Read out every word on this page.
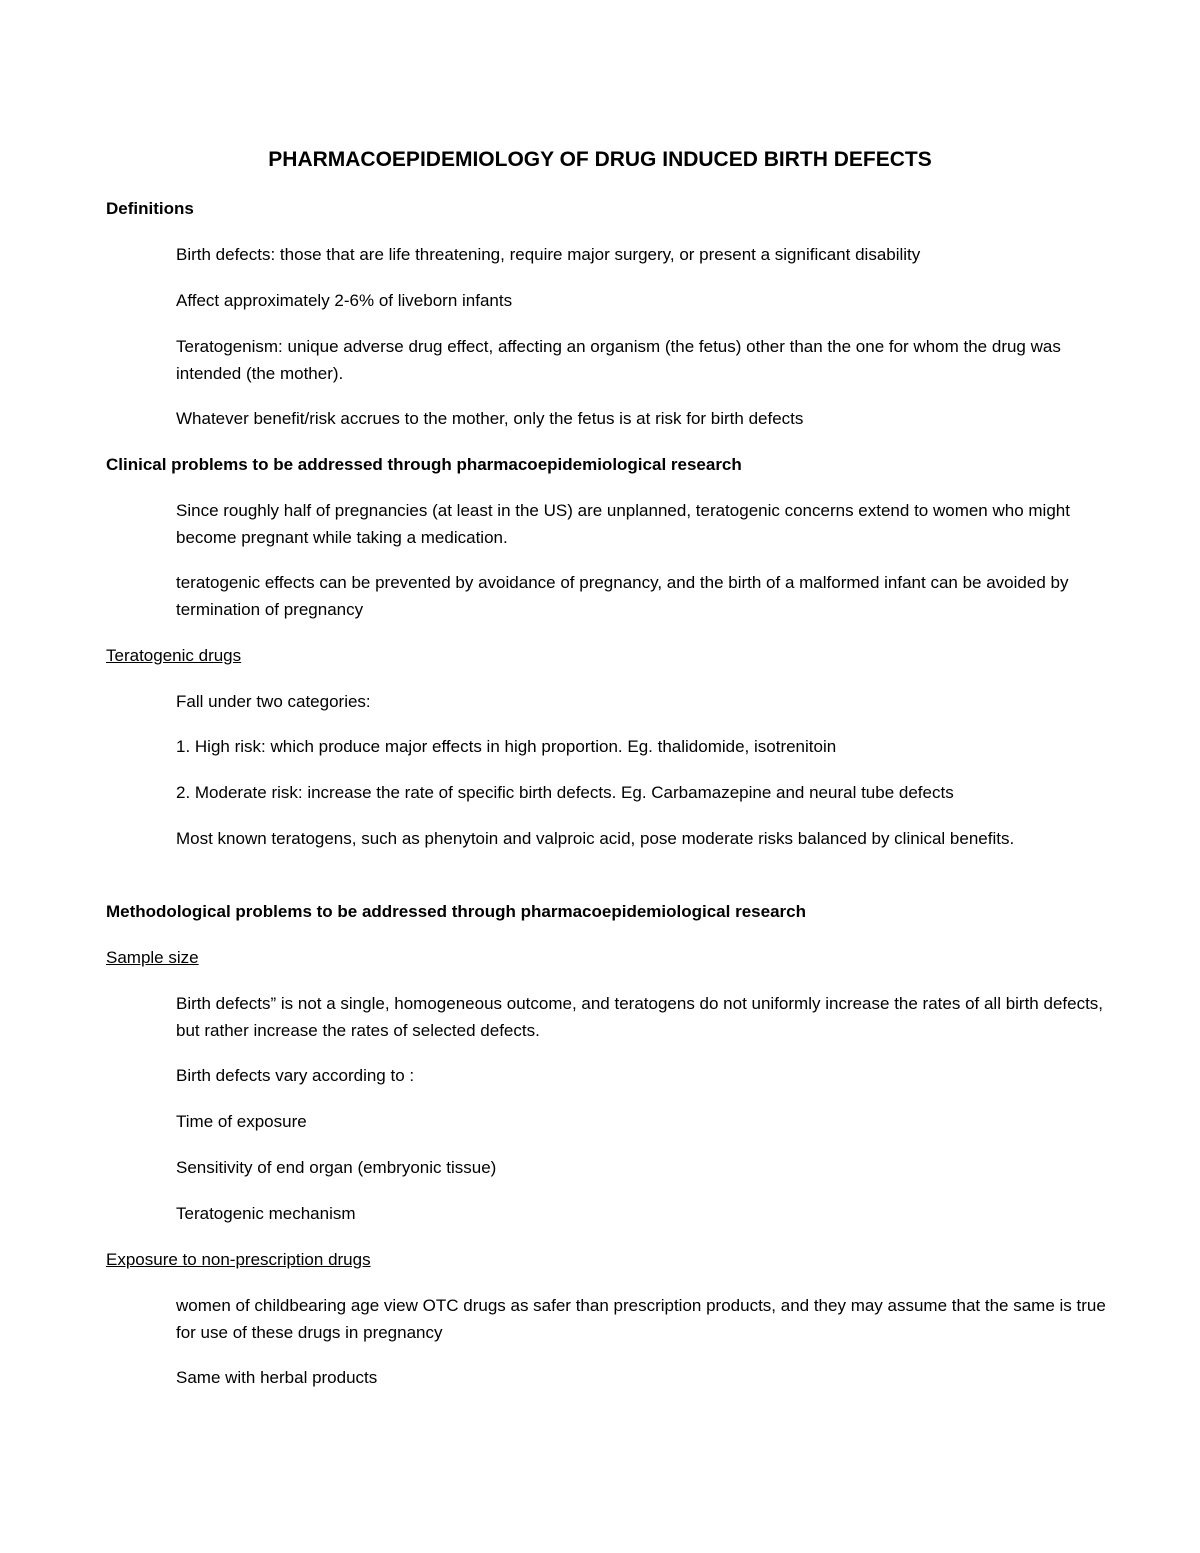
PHARMACOEPIDEMIOLOGY OF DRUG INDUCED BIRTH DEFECTS
Definitions
Birth defects: those that are life threatening, require major surgery, or present a significant disability
Affect approximately 2-6% of liveborn infants
Teratogenism: unique adverse drug effect, affecting an organism (the fetus) other than the one for whom the drug was intended (the mother).
Whatever benefit/risk accrues to the mother, only the fetus is at risk for birth defects
Clinical problems to be addressed through pharmacoepidemiological research
Since roughly half of pregnancies (at least in the US) are unplanned, teratogenic concerns extend to women who might become pregnant while taking a medication.
teratogenic effects can be prevented by avoidance of pregnancy, and the birth of a malformed infant can be avoided by termination of pregnancy
Teratogenic drugs
Fall under two categories:
1. High risk: which produce major effects in high proportion. Eg. thalidomide, isotrenitoin
2. Moderate risk: increase the rate of specific birth defects. Eg. Carbamazepine and neural tube defects
Most known teratogens, such as phenytoin and valproic acid, pose moderate risks balanced by clinical benefits.
Methodological problems to be addressed through pharmacoepidemiological research
Sample size
Birth defects” is not a single, homogeneous outcome, and teratogens do not uniformly increase the rates of all birth defects, but rather increase the rates of selected defects.
Birth defects vary according to :
Time of exposure
Sensitivity of end organ (embryonic tissue)
Teratogenic mechanism
Exposure to non-prescription drugs
women of childbearing age view OTC drugs as safer than prescription products, and they may assume that the same is true for use of these drugs in pregnancy
Same with herbal products
